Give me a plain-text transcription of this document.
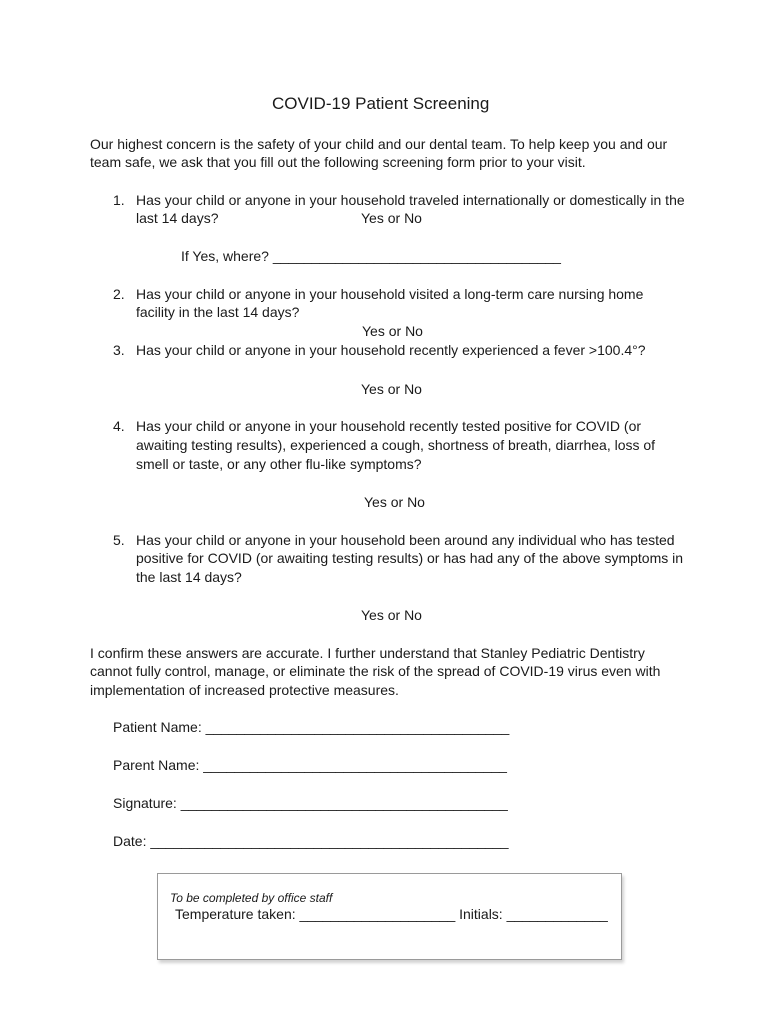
COVID-19 Patient Screening
Our highest concern is the safety of your child and our dental team. To help keep you and our
team safe, we ask that you fill out the following screening form prior to your visit.
1. Has your child or anyone in your household traveled internationally or domestically in the
last 14 days?	Yes or No
If Yes, where? _____________________________________
2. Has your child or anyone in your household visited a long-term care nursing home
facility in the last 14 days?
Yes or No
3. Has your child or anyone in your household recently experienced a fever >100.4°?
Yes or No
4. Has your child or anyone in your household recently tested positive for COVID (or
awaiting testing results), experienced a cough, shortness of breath, diarrhea, loss of
smell or taste, or any other flu-like symptoms?
Yes or No
5. Has your child or anyone in your household been around any individual who has tested
positive for COVID (or awaiting testing results) or has had any of the above symptoms in
the last 14 days?
Yes or No
I confirm these answers are accurate. I further understand that Stanley Pediatric Dentistry
cannot fully control, manage, or eliminate the risk of the spread of COVID-19 virus even with
implementation of increased protective measures.
Patient Name: _______________________________________
Parent Name: _______________________________________
Signature: __________________________________________
Date: ______________________________________________
To be completed by office staff
Temperature taken: ____________________ Initials: _____________
